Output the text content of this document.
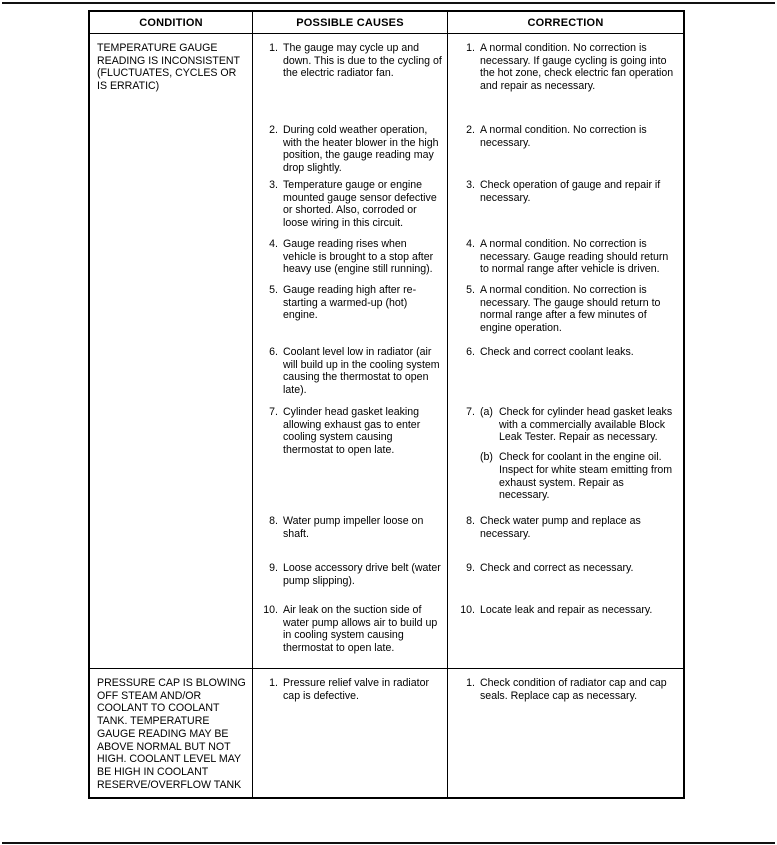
CONDITION	POSSIBLE CAUSES	CORRECTION
TEMPERATURE GAUGE READING IS INCONSISTENT (FLUCTUATES, CYCLES OR IS ERRATIC)
1. The gauge may cycle up and down. This is due to the cycling of the electric radiator fan.
1. A normal condition. No correction is necessary. If gauge cycling is going into the hot zone, check electric fan operation and repair as necessary.
2. During cold weather operation, with the heater blower in the high position, the gauge reading may drop slightly.
2. A normal condition. No correction is necessary.
3. Temperature gauge or engine mounted gauge sensor defective or shorted. Also, corroded or loose wiring in this circuit.
3. Check operation of gauge and repair if necessary.
4. Gauge reading rises when vehicle is brought to a stop after heavy use (engine still running).
4. A normal condition. No correction is necessary. Gauge reading should return to normal range after vehicle is driven.
5. Gauge reading high after re-starting a warmed-up (hot) engine.
5. A normal condition. No correction is necessary. The gauge should return to normal range after a few minutes of engine operation.
6. Coolant level low in radiator (air will build up in the cooling system causing the thermostat to open late).
6. Check and correct coolant leaks.
7. Cylinder head gasket leaking allowing exhaust gas to enter cooling system causing thermostat to open late.
7. (a) Check for cylinder head gasket leaks with a commercially available Block Leak Tester. Repair as necessary.
(b) Check for coolant in the engine oil. Inspect for white steam emitting from exhaust system. Repair as necessary.
8. Water pump impeller loose on shaft.
8. Check water pump and replace as necessary.
9. Loose accessory drive belt (water pump slipping).
9. Check and correct as necessary.
10. Air leak on the suction side of water pump allows air to build up in cooling system causing thermostat to open late.
10. Locate leak and repair as necessary.
PRESSURE CAP IS BLOWING OFF STEAM AND/OR COOLANT TO COOLANT TANK. TEMPERATURE GAUGE READING MAY BE ABOVE NORMAL BUT NOT HIGH. COOLANT LEVEL MAY BE HIGH IN COOLANT RESERVE/OVERFLOW TANK
1. Pressure relief valve in radiator cap is defective.
1. Check condition of radiator cap and cap seals. Replace cap as necessary.
